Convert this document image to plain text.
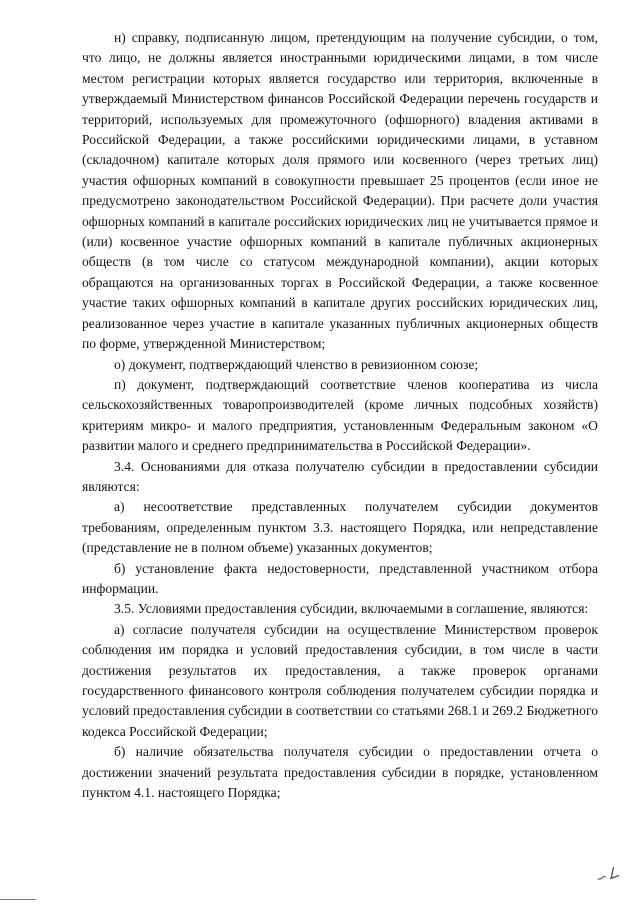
н) справку, подписанную лицом, претендующим на получение субсидии, о том, что лицо, не должны является иностранными юридическими лицами, в том числе местом регистрации которых является государство или территория, включенные в утверждаемый Министерством финансов Российской Федерации перечень государств и территорий, используемых для промежуточного (офшорного) владения активами в Российской Федерации, а также российскими юридическими лицами, в уставном (складочном) капитале которых доля прямого или косвенного (через третьих лиц) участия офшорных компаний в совокупности превышает 25 процентов (если иное не предусмотрено законодательством Российской Федерации). При расчете доли участия офшорных компаний в капитале российских юридических лиц не учитывается прямое и (или) косвенное участие офшорных компаний в капитале публичных акционерных обществ (в том числе со статусом международной компании), акции которых обращаются на организованных торгах в Российской Федерации, а также косвенное участие таких офшорных компаний в капитале других российских юридических лиц, реализованное через участие в капитале указанных публичных акционерных обществ по форме, утвержденной Министерством;

о) документ, подтверждающий членство в ревизионном союзе;

п) документ, подтверждающий соответствие членов кооператива из числа сельскохозяйственных товаропроизводителей (кроме личных подсобных хозяйств) критериям микро- и малого предприятия, установленным Федеральным законом «О развитии малого и среднего предпринимательства в Российской Федерации».

3.4. Основаниями для отказа получателю субсидии в предоставлении субсидии являются:

а) несоответствие представленных получателем субсидии документов требованиям, определенным пунктом 3.3. настоящего Порядка, или непредставление (представление не в полном объеме) указанных документов;

б) установление факта недостоверности, представленной участником отбора информации.

3.5. Условиями предоставления субсидии, включаемыми в соглашение, являются:

а) согласие получателя субсидии на осуществление Министерством проверок соблюдения им порядка и условий предоставления субсидии, в том числе в части достижения результатов их предоставления, а также проверок органами государственного финансового контроля соблюдения получателем субсидии порядка и условий предоставления субсидии в соответствии со статьями 268.1 и 269.2 Бюджетного кодекса Российской Федерации;

б) наличие обязательства получателя субсидии о предоставлении отчета о достижении значений результата предоставления субсидии в порядке, установленном пунктом 4.1. настоящего Порядка;

∽∠
